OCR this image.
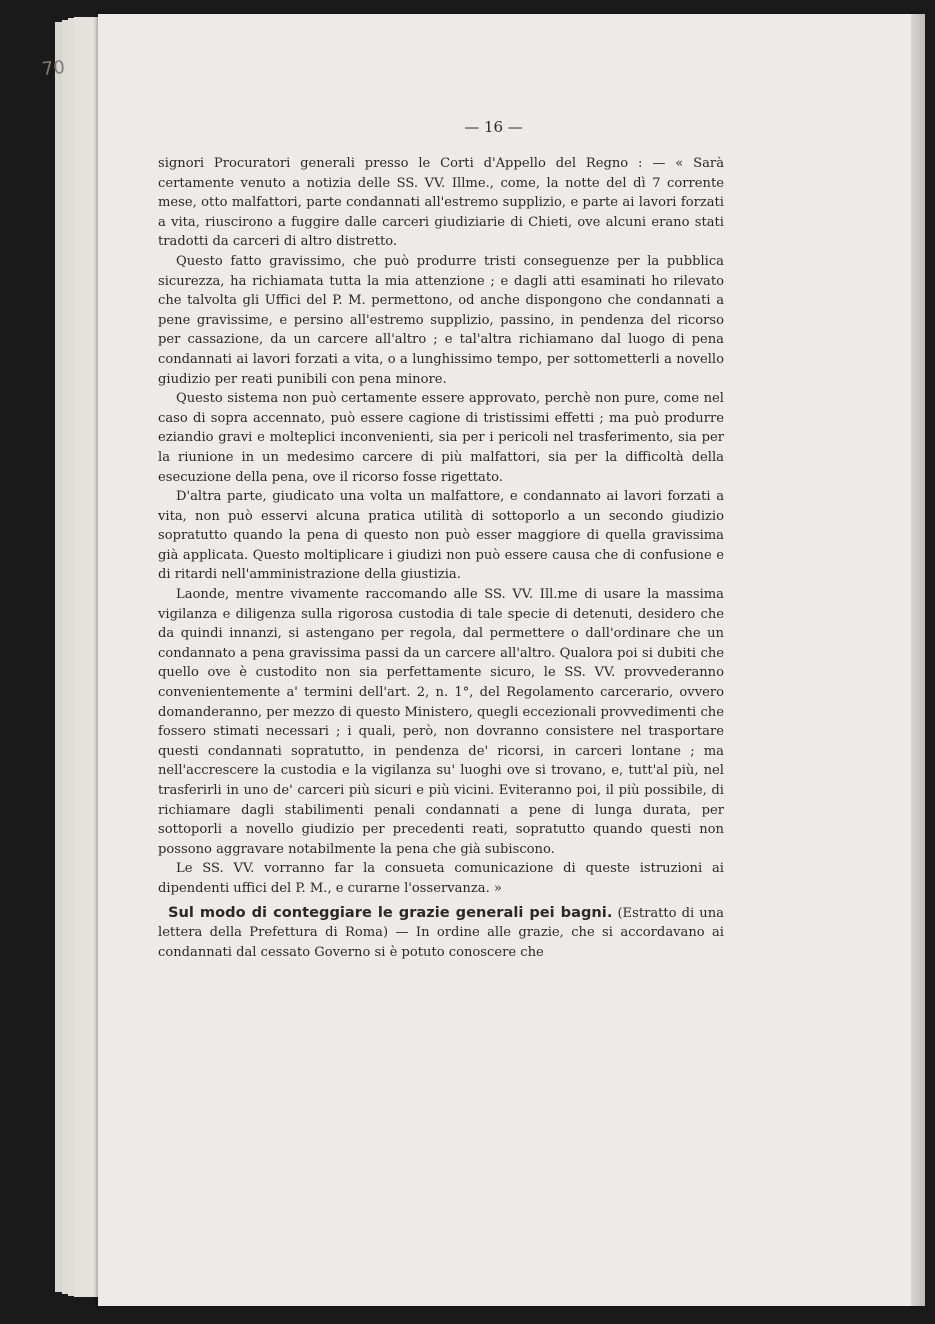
70
— 16 —

signori Procuratori generali presso le Corti d'Appello del Regno : — « Sarà certamente venuto a notizia delle SS. VV. Illme., come, la notte del dì 7 corrente mese, otto malfattori, parte condannati all'estremo supplizio, e parte ai lavori forzati a vita, riuscirono a fuggire dalle carceri giudiziarie di Chieti, ove alcuni erano stati tradotti da carceri di altro distretto.

Questo fatto gravissimo, che può produrre tristi conseguenze per la pubblica sicurezza, ha richiamata tutta la mia attenzione ; e dagli atti esaminati ho rilevato che talvolta gli Uffici del P. M. permettono, od anche dispongono che condannati a pene gravissime, e persino all'estremo supplizio, passino, in pendenza del ricorso per cassazione, da un carcere all'altro ; e tal'altra richiamano dal luogo di pena condannati ai lavori forzati a vita, o a lunghissimo tempo, per sottometterli a novello giudizio per reati punibili con pena minore.

Questo sistema non può certamente essere approvato, perchè non pure, come nel caso di sopra accennato, può essere cagione di tristissimi effetti ; ma può produrre eziandio gravi e molteplici inconvenienti, sia per i pericoli nel trasferimento, sia per la riunione in un medesimo carcere di più malfattori, sia per la difficoltà della esecuzione della pena, ove il ricorso fosse rigettato.

D'altra parte, giudicato una volta un malfattore, e condannato ai lavori forzati a vita, non può esservi alcuna pratica utilità di sottoporlo a un secondo giudizio sopratutto quando la pena di questo non può esser maggiore di quella gravissima già applicata. Questo moltiplicare i giudizi non può essere causa che di confusione e di ritardi nell'amministrazione della giustizia.

Laonde, mentre vivamente raccomando alle SS. VV. Ill.me di usare la massima vigilanza e diligenza sulla rigorosa custodia di tale specie di detenuti, desidero che da quindi innanzi, si astengano per regola, dal permettere o dall'ordinare che un condannato a pena gravissima passi da un carcere all'altro. Qualora poi si dubiti che quello ove è custodito non sia perfettamente sicuro, le SS. VV. provvederanno convenientemente a' termini dell'art. 2, n. 1°, del Regolamento carcerario, ovvero domanderanno, per mezzo di questo Ministero, quegli eccezionali provvedimenti che fossero stimati necessari ; i quali, però, non dovranno consistere nel trasportare questi condannati sopratutto, in pendenza de' ricorsi, in carceri lontane ; ma nell'accrescere la custodia e la vigilanza su' luoghi ove si trovano, e, tutt'al più, nel trasferirli in uno de' carceri più sicuri e più vicini. Eviteranno poi, il più possibile, di richiamare dagli stabilimenti penali condannati a pene di lunga durata, per sottoporli a novello giudizio per precedenti reati, sopratutto quando questi non possono aggravare notabilmente la pena che già subiscono.

Le SS. VV. vorranno far la consueta comunicazione di queste istruzioni ai dipendenti uffici del P. M., e curarne l'osservanza. »

Sul modo di conteggiare le grazie generali pei bagni. (Estratto di una lettera della Prefettura di Roma) — In ordine alle grazie, che si accordavano ai condannati dal cessato Governo si è potuto conoscere che
